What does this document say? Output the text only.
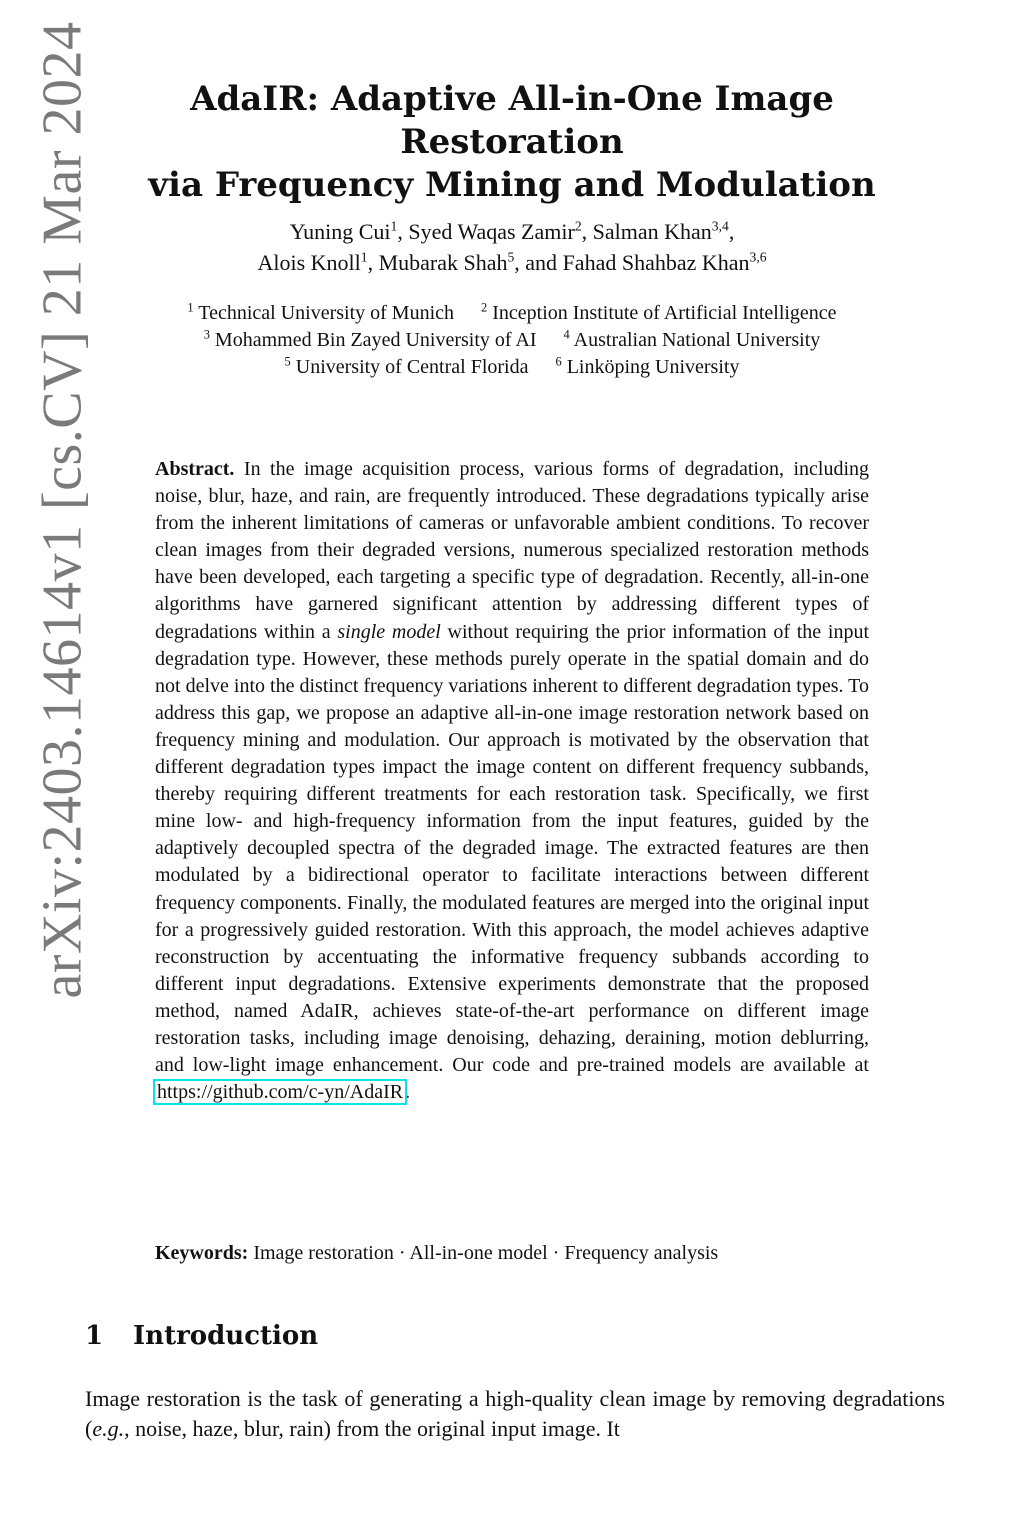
arXiv:2403.14614v1 [cs.CV] 21 Mar 2024	AdaIR: Adaptive All-in-One Image Restoration
via Frequency Mining and Modulation
Yuning Cui$^1$, Syed Waqas Zamir$^2$, Salman Khan$^{3,4}$,
Alois Knoll$^1$, Mubarak Shah$^5$, and Fahad Shahbaz Khan$^{3,6}$
$^1$ Technical University of Munich $^2$ Inception Institute of Artificial Intelligence
$^3$ Mohammed Bin Zayed University of AI $^4$ Australian National University
$^5$ University of Central Florida $^6$ Linköping University

Abstract. In the image acquisition process, various forms of degradation, including noise, blur, haze, and rain, are frequently introduced. These degradations typically arise from the inherent limitations of cameras or unfavorable ambient conditions. To recover clean images from their degraded versions, numerous specialized restoration methods have been developed, each targeting a specific type of degradation. Recently, all-in-one algorithms have garnered significant attention by addressing different types of degradations within a single model without requiring the prior information of the input degradation type. However, these methods purely operate in the spatial domain and do not delve into the distinct frequency variations inherent to different degradation types. To address this gap, we propose an adaptive all-in-one image restoration network based on frequency mining and modulation. Our approach is motivated by the observation that different degradation types impact the image content on different frequency subbands, thereby requiring different treatments for each restoration task. Specifically, we first mine low- and high-frequency information from the input features, guided by the adaptively decoupled spectra of the degraded image. The extracted features are then modulated by a bidirectional operator to facilitate interactions between different frequency components. Finally, the modulated features are merged into the original input for a progressively guided restoration. With this approach, the model achieves adaptive reconstruction by accentuating the informative frequency subbands according to different input degradations. Extensive experiments demonstrate that the proposed method, named AdaIR, achieves state-of-the-art performance on different image restoration tasks, including image denoising, dehazing, deraining, motion deblurring, and low-light image enhancement. Our code and pre-trained models are available at https://github.com/c-yn/AdaIR .

Keywords: Image restoration · All-in-one model · Frequency analysis

1 Introduction

Image restoration is the task of generating a high-quality clean image by removing degradations (e.g., noise, haze, blur, rain) from the original input image. It
